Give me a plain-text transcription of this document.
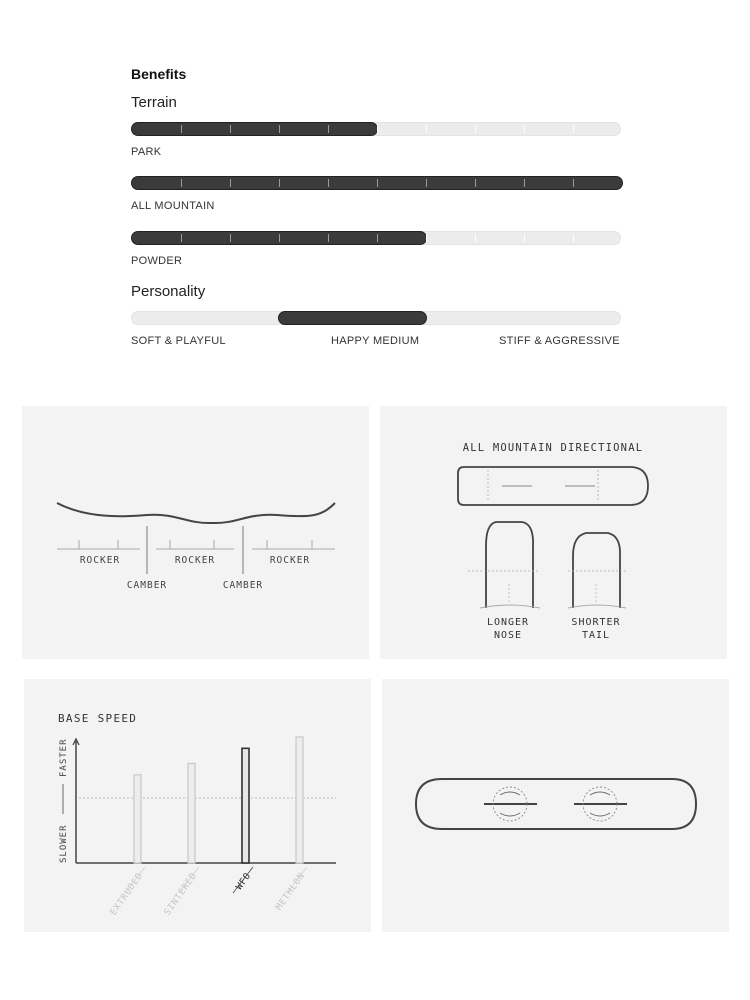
Benefits
Terrain
PARK
ALL MOUNTAIN
POWDER
Personality
SOFT & PLAYFUL	HAPPY MEDIUM	STIFF & AGGRESSIVE
ROCKER	ROCKER	ROCKER
CAMBER	CAMBER
ALL MOUNTAIN DIRECTIONAL
LONGER
NOSE
SHORTER
TAIL
BASE SPEED
FASTER
SLOWER
EXTRUDED SINTERED	WFO METHLON
